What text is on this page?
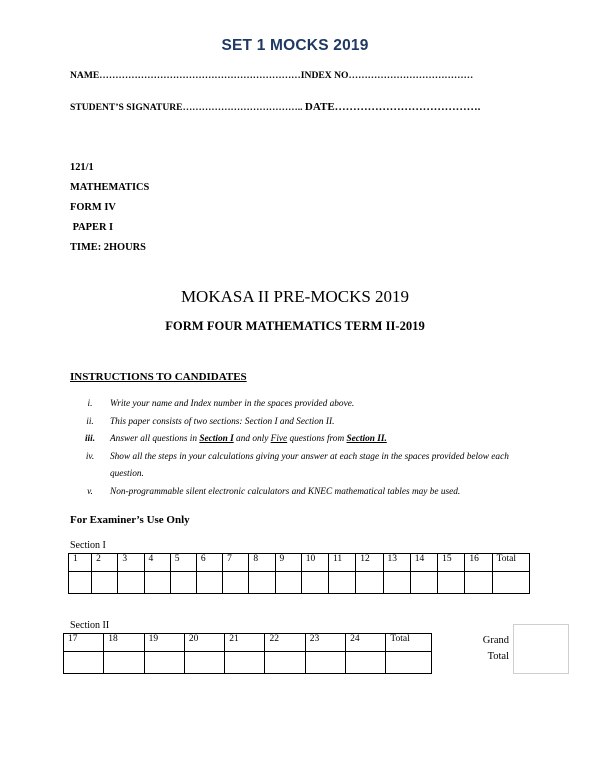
SET 1 MOCKS 2019
NAME………………………………………………………INDEX NO…………………………………
STUDENT’S SIGNATURE……………………………….. DATE………………………………….
121/1
MATHEMATICS
FORM IV
PAPER I
TIME: 2HOURS
MOKASA II PRE-MOCKS 2019
FORM FOUR MATHEMATICS TERM II-2019
INSTRUCTIONS TO CANDIDATES
i.	Write your name and Index number in the spaces provided above.
ii.	This paper consists of two sections: Section I and Section II.
iii.	Answer all questions in Section I and only Five questions from Section II.
iv.	Show all the steps in your calculations giving your answer at each stage in the spaces provided below each question.
v.	Non-programmable silent electronic calculators and KNEC mathematical tables may be used.
For Examiner’s Use Only
Section I
1	2	3	4	5	6	7	8	9	10	11	12	13	14	15	16	Total

Section II
17	18	19	20	21	22	23	24	Total
									Grand
Total
